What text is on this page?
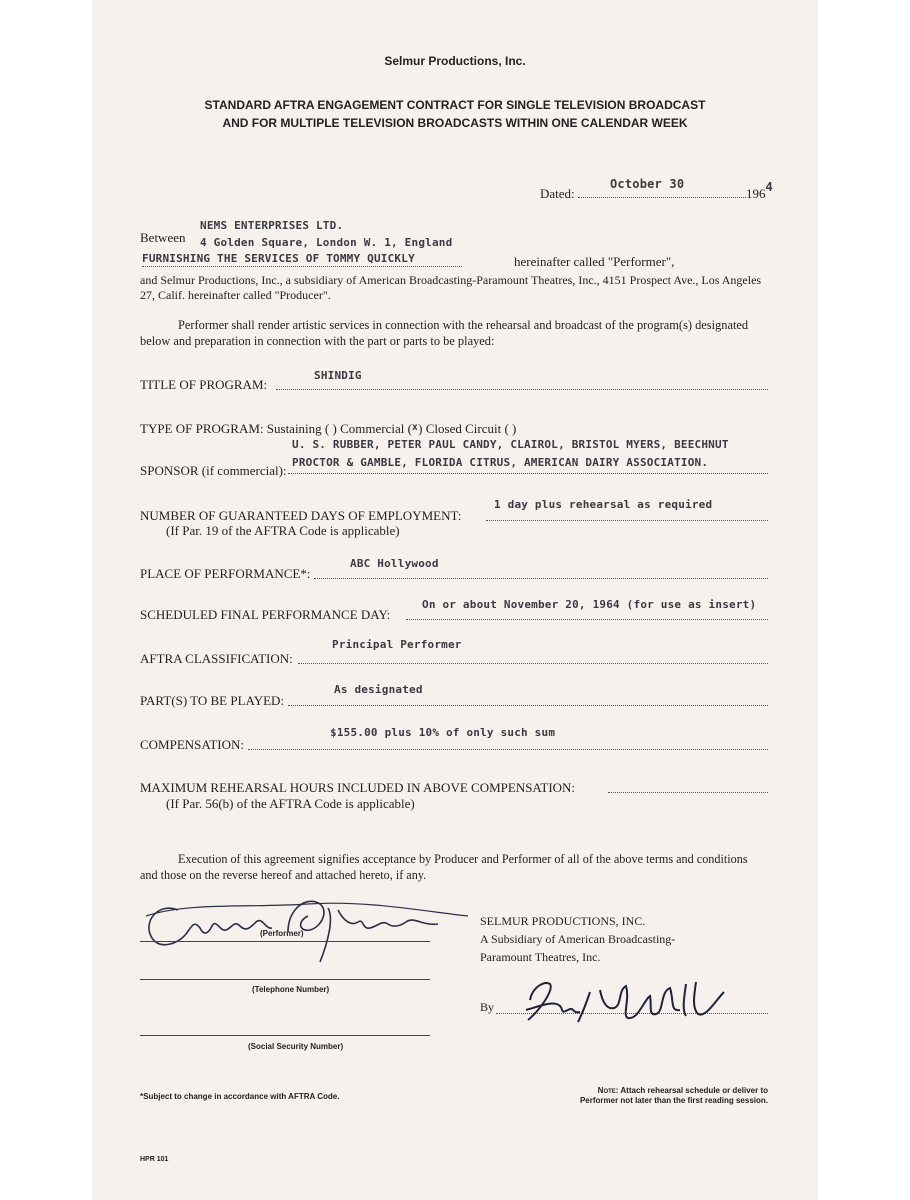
Selmur Productions, Inc.
STANDARD AFTRA ENGAGEMENT CONTRACT FOR SINGLE TELEVISION BROADCAST
AND FOR MULTIPLE TELEVISION BROADCASTS WITHIN ONE CALENDAR WEEK
Dated:
October 30
1964
Between
NEMS ENTERPRISES LTD.
4 Golden Square, London W. 1, England
FURNISHING THE SERVICES OF TOMMY QUICKLY	hereinafter called "Performer",
and Selmur Productions, Inc., a subsidiary of American Broadcasting-Paramount Theatres, Inc., 4151 Prospect Ave., Los Angeles
27, Calif. hereinafter called "Producer".
Performer shall render artistic services in connection with the rehearsal and broadcast of the program(s) designated
below and preparation in connection with the part or parts to be played:
TITLE OF PROGRAM:
SHINDIG
TYPE OF PROGRAM: Sustaining ( ) Commercial ($^x$) Closed Circuit ( )
U. S. RUBBER, PETER PAUL CANDY, CLAIROL, BRISTOL MYERS, BEECHNUT
SPONSOR (if commercial):
PROCTOR & GAMBLE, FLORIDA CITRUS, AMERICAN DAIRY ASSOCIATION.
NUMBER OF GUARANTEED DAYS OF EMPLOYMENT:
1 day plus rehearsal as required
(If Par. 19 of the AFTRA Code is applicable)
PLACE OF PERFORMANCE*:
ABC Hollywood
SCHEDULED FINAL PERFORMANCE DAY:
On or about November 20, 1964 (for use as insert)
AFTRA CLASSIFICATION:
Principal Performer
PART(S) TO BE PLAYED:
As designated
COMPENSATION:
$155.00 plus 10% of only such sum
MAXIMUM REHEARSAL HOURS INCLUDED IN ABOVE COMPENSATION:
(If Par. 56(b) of the AFTRA Code is applicable)
Execution of this agreement signifies acceptance by Producer and Performer of all of the above terms and conditions
and those on the reverse hereof and attached hereto, if any.
(Performer)
(Telephone Number)
(Social Security Number)
SELMUR PRODUCTIONS, INC.
A Subsidiary of American Broadcasting-
Paramount Theatres, Inc.
By
*Subject to change in accordance with AFTRA Code.
Note: Attach rehearsal schedule or deliver to
Performer not later than the first reading session.
HPR 101
